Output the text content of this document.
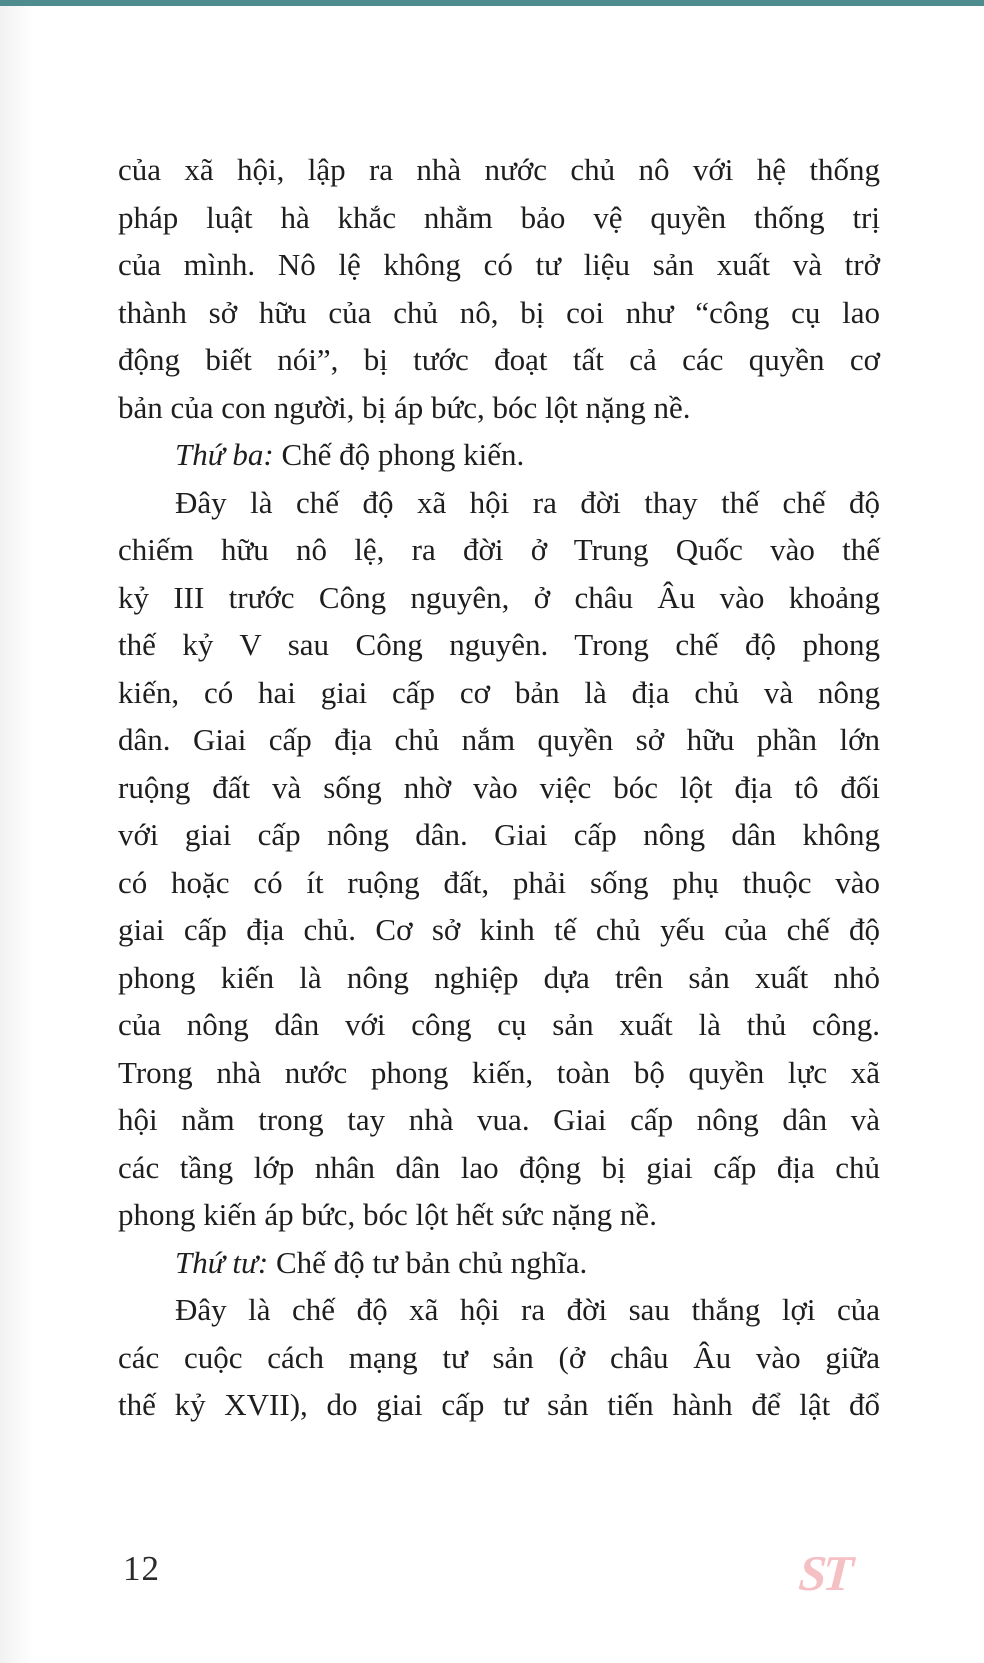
của xã hội, lập ra nhà nước chủ nô với hệ thống
pháp luật hà khắc nhằm bảo vệ quyền thống trị
của mình. Nô lệ không có tư liệu sản xuất và trở
thành sở hữu của chủ nô, bị coi như “công cụ lao
động biết nói”, bị tước đoạt tất cả các quyền cơ
bản của con người, bị áp bức, bóc lột nặng nề.
Thứ ba: Chế độ phong kiến.
Đây là chế độ xã hội ra đời thay thế chế độ
chiếm hữu nô lệ, ra đời ở Trung Quốc vào thế
kỷ III trước Công nguyên, ở châu Âu vào khoảng
thế kỷ V sau Công nguyên. Trong chế độ phong
kiến, có hai giai cấp cơ bản là địa chủ và nông
dân. Giai cấp địa chủ nắm quyền sở hữu phần lớn
ruộng đất và sống nhờ vào việc bóc lột địa tô đối
với giai cấp nông dân. Giai cấp nông dân không
có hoặc có ít ruộng đất, phải sống phụ thuộc vào
giai cấp địa chủ. Cơ sở kinh tế chủ yếu của chế độ
phong kiến là nông nghiệp dựa trên sản xuất nhỏ
của nông dân với công cụ sản xuất là thủ công.
Trong nhà nước phong kiến, toàn bộ quyền lực xã
hội nằm trong tay nhà vua. Giai cấp nông dân và
các tầng lớp nhân dân lao động bị giai cấp địa chủ
phong kiến áp bức, bóc lột hết sức nặng nề.
Thứ tư: Chế độ tư bản chủ nghĩa.
Đây là chế độ xã hội ra đời sau thắng lợi của
các cuộc cách mạng tư sản (ở châu Âu vào giữa
thế kỷ XVII), do giai cấp tư sản tiến hành để lật đổ
12	ST
